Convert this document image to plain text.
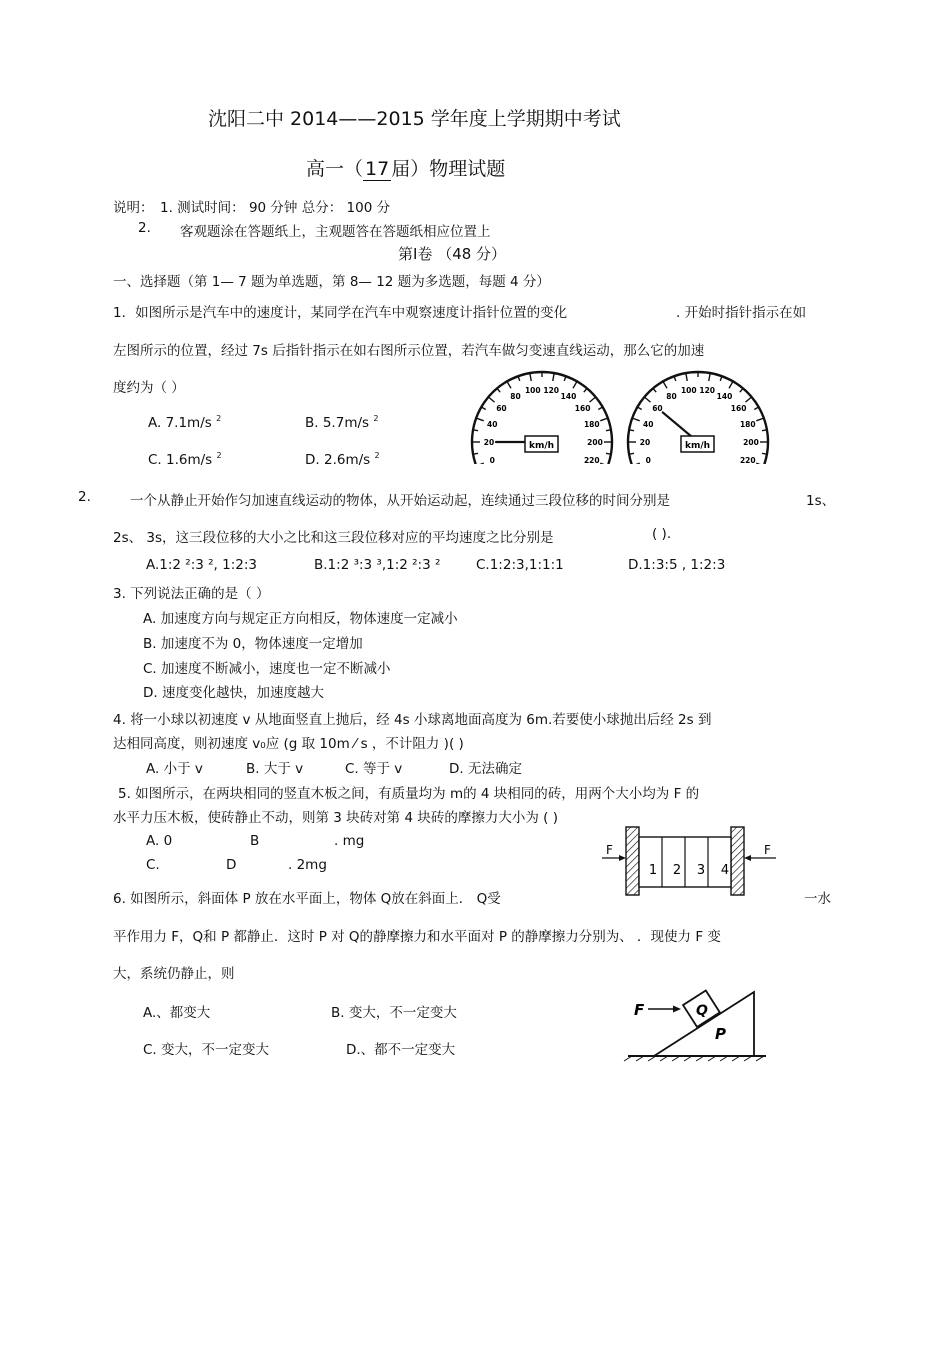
沈阳二中 2014——2015 学年度上学期期中考试
高一（ 17 届）物理试题
说明： 1. 测试时间： 90 分钟 总分： 100 分
2. 客观题涂在答题纸上，主观题答在答题纸相应位置上
第Ⅰ卷 （48 分）
一、选择题（第 1— 7 题为单选题，第 8— 12 题为多选题，每题 4 分）
1．如图所示是汽车中的速度计，某同学在汽车中观察速度计指针位置的变化	. 开始时指针指示在如
左图所示的位置，经过 7s 后指针指示在如右图所示位置，若汽车做匀变速直线运动，那么它的加速
度约为（ ）
A. 7.1m/s $^2$	B. 5.7m/s $^2$
C. 1.6m/s $^2$	D. 2.6m/s $^2$
0
20
40
60
80
100 120
140
160
180
200
220
km/h
0
20
40
60
80
100 120
140
160
180
200
220
km/h
2.	一个从静止开始作匀加速直线运动的物体，从开始运动起，连续通过三段位移的时间分别是	1s、
2s、 3s，这三段位移的大小之比和这三段位移对应的平均速度之比分别是	( ).
A.1:2 ²:3 ², 1:2:3	B.1:2 ³:3 ³,1:2 ²:3 ²	C.1:2:3,1:1:1	D.1:3:5 , 1:2:3
3. 下列说法正确的是（ ）
A. 加速度方向与规定正方向相反，物体速度一定减小
B. 加速度不为 0，物体速度一定增加
C. 加速度不断减小，速度也一定不断减小
D. 速度变化越快，加速度越大
4. 将一小球以初速度 v 从地面竖直上抛后，经 4s 小球离地面高度为 6m.若要使小球抛出后经 2s 到
达相同高度，则初速度 v₀应 (g 取 10m ⁄ s ，不计阻力 )( )
A. 小于 v	B. 大于 v	C. 等于 v	D. 无法确定
5. 如图所示，在两块相同的竖直木板之间，有质量均为 m的 4 块相同的砖，用两个大小均为 F 的
水平力压木板，使砖静止不动，则第 3 块砖对第 4 块砖的摩擦力大小为 ( )
A. 0	B	. mg
C.	D	. 2mg	1 2 3 4
F	F
6. 如图所示，斜面体 P 放在水平面上，物体 Q放在斜面上． Q受	一水
平作用力 F，Q和 P 都静止．这时 P 对 Q的静摩擦力和水平面对 P 的静摩擦力分别为、 ．现使力 F 变
大，系统仍静止，则
A.、都变大	B. 变大，不一定变大
C. 变大，不一定变大	D.、都不一定变大
Q
P
F
